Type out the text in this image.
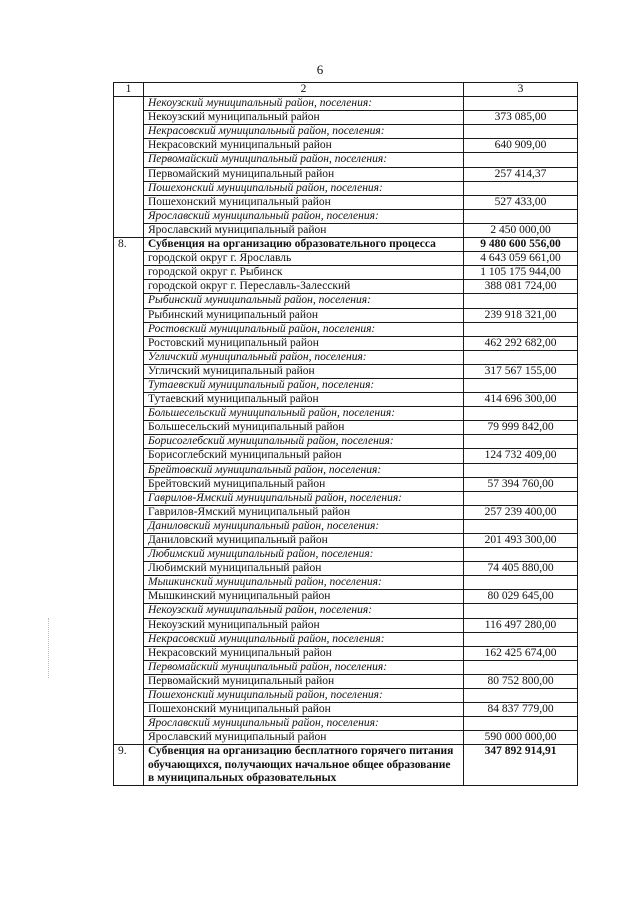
6
1	2	3
	Некоузский муниципальный район, поселения:	
	Некоузский муниципальный район	373 085,00
	Некрасовский муниципальный район, поселения:	
	Некрасовский муниципальный район	640 909,00
	Первомайский муниципальный район, поселения:	
	Первомайский муниципальный район	257 414,37
	Пошехонский муниципальный район, поселения:	
	Пошехонский муниципальный район	527 433,00
	Ярославский муниципальный район, поселения:	
	Ярославский муниципальный район	2 450 000,00
8.	Субвенция на организацию образовательного процесса	9 480 600 556,00
	городской округ г. Ярославль	4 643 059 661,00
	городской округ г. Рыбинск	1 105 175 944,00
	городской округ г. Переславль-Залесский	388 081 724,00
	Рыбинский муниципальный район, поселения:	
	Рыбинский муниципальный район	239 918 321,00
	Ростовский муниципальный район, поселения:	
	Ростовский муниципальный район	462 292 682,00
	Угличский муниципальный район, поселения:	
	Угличский муниципальный район	317 567 155,00
	Тутаевский муниципальный район, поселения:	
	Тутаевский муниципальный район	414 696 300,00
	Большесельский муниципальный район, поселения:	
	Большесельский муниципальный район	79 999 842,00
	Борисоглебский муниципальный район, поселения:	
	Борисоглебский муниципальный район	124 732 409,00
	Брейтовский муниципальный район, поселения:	
	Брейтовский муниципальный район	57 394 760,00
	Гаврилов-Ямский муниципальный район, поселения:	
	Гаврилов-Ямский муниципальный район	257 239 400,00
	Даниловский муниципальный район, поселения:	
	Даниловский муниципальный район	201 493 300,00
	Любимский муниципальный район, поселения:	
	Любимский муниципальный район	74 405 880,00
	Мышкинский муниципальный район, поселения:	
	Мышкинский муниципальный район	80 029 645,00
	Некоузский муниципальный район, поселения:	
	Некоузский муниципальный район	116 497 280,00
	Некрасовский муниципальный район, поселения:	
	Некрасовский муниципальный район	162 425 674,00
	Первомайский муниципальный район, поселения:	
	Первомайский муниципальный район	80 752 800,00
	Пошехонский муниципальный район, поселения:	
	Пошехонский муниципальный район	84 837 779,00
	Ярославский муниципальный район, поселения:	
	Ярославский муниципальный район	590 000 000,00
9.	Субвенция на организацию бесплатного горячего питания обучающихся, получающих начальное общее образование в муниципальных образовательных	347 892 914,91
